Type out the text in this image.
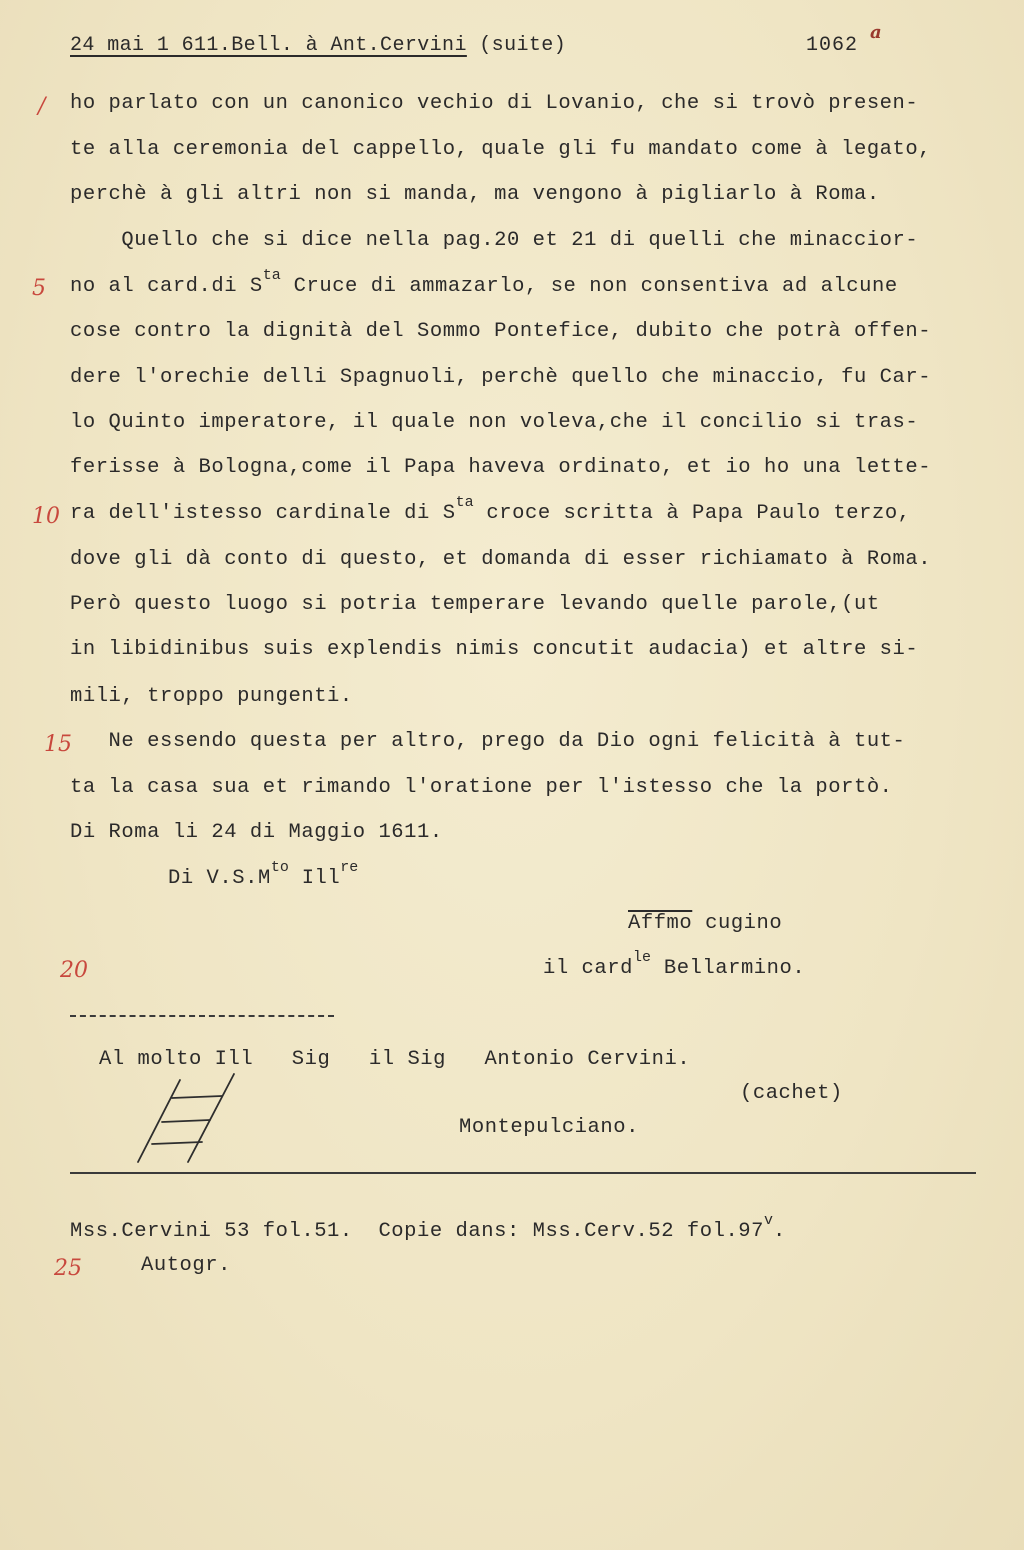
24 mai 1 611.Bell. à Ant.Cervini (suite)	1062
a
/
5
10
15
20
25
ho parlato con un canonico vechio di Lovanio, che si trovò presen-
te alla ceremonia del cappello, quale gli fu mandato come à legato,
perchè à gli altri non si manda, ma vengono à pigliarlo à Roma.
Quello che si dice nella pag.20 et 21 di quelli che minaccior-
no al card.di $S^{ta}$ Cruce di ammazarlo, se non consentiva ad alcune
cose contro la dignità del Sommo Pontefice, dubito che potrà offen-
dere l'orechie delli Spagnuoli, perchè quello che minaccio, fu Car-
lo Quinto imperatore, il quale non voleva,che il concilio si tras-
ferisse à Bologna,come il Papa haveva ordinato, et io ho una lette-
ra dell'istesso cardinale di $S^{ta}$ croce scritta à Papa Paulo terzo,
dove gli dà conto di questo, et domanda di esser richiamato à Roma.
Però questo luogo si potria temperare levando quelle parole,(ut
in libidinibus suis explendis nimis concutit audacia) et altre si-
mili, troppo pungenti.
Ne essendo questa per altro, prego da Dio ogni felicità à tut-
ta la casa sua et rimando l'oratione per l'istesso che la portò.
Di Roma li 24 di Maggio 1611.
Di $V.S.M^{to}$ Ill$^{re}$
Affmo cugino
il card$^{le}$ Bellarmino.
Al molto Ill   Sig   il Sig   Antonio Cervini.
(cachet)
Montepulciano.
Mss.Cervini 53 fol.51.  Copie dans: Mss.Cerv.52 fol.97$^v$.
Autogr.
